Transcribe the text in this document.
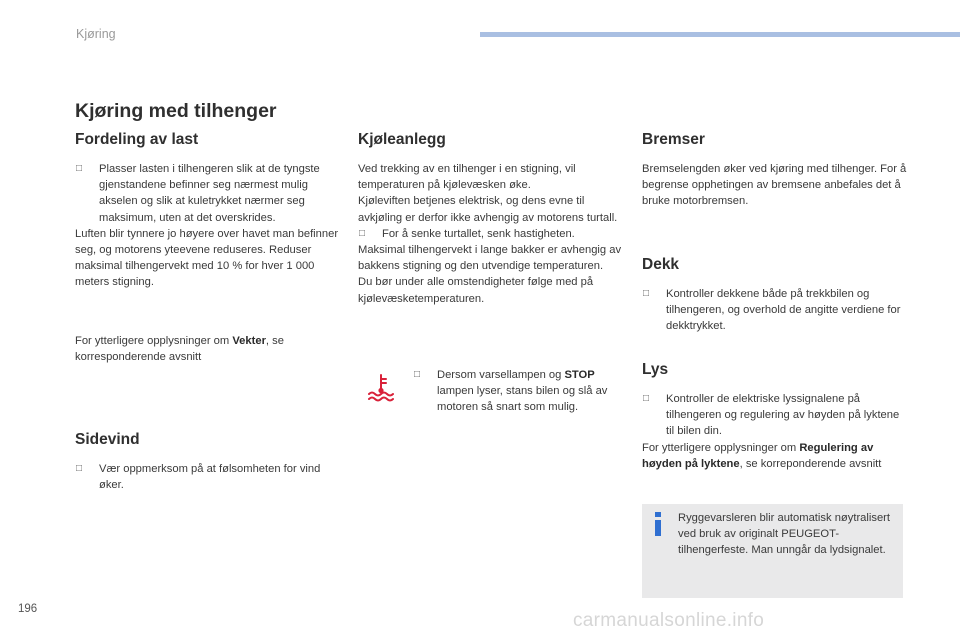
Kjøring
Kjøring med tilhenger
Fordeling av last
□ Plasser lasten i tilhengeren slik at de tyngste gjenstandene befinner seg nærmest mulig akselen og slik at kuletrykket nærmer seg maksimum, uten at det overskrides.

Luften blir tynnere jo høyere over havet man befinner seg, og motorens yteevene reduseres. Reduser maksimal tilhengervekt med 10 % for hver 1 000 meters stigning.

For ytterligere opplysninger om Vekter, se korresponderende avsnitt

Sidevind
□ Vær oppmerksom på at følsomheten for vind øker.
Kjøleanlegg

Ved trekking av en tilhenger i en stigning, vil temperaturen på kjølevæsken øke.

Kjøleviften betjenes elektrisk, og dens evne til avkjøling er derfor ikke avhengig av motorens turtall.

□ For å senke turtallet, senk hastigheten.

Maksimal tilhengervekt i lange bakker er avhengig av bakkens stigning og den utvendige temperaturen.

Du bør under alle omstendigheter følge med på kjølevæsketemperaturen.

□ Dersom varsellampen og STOP lampen lyser, stans bilen og slå av motoren så snart som mulig.
Bremser

Bremselengden øker ved kjøring med tilhenger. For å begrense opphetingen av bremsene anbefales det å bruke motorbremsen.

Dekk
□ Kontroller dekkene både på trekkbilen og tilhengeren, og overhold de angitte verdiene for dekktrykket.
Lys
□ Kontroller de elektriske lyssignalene på tilhengeren og regulering av høyden på lyktene til bilen din.

For ytterligere opplysninger om Regulering av høyden på lyktene, se korreponderende avsnitt

Ryggevarsleren blir automatisk nøytralisert ved bruk av originalt PEUGEOT-tilhengerfeste. Man unngår da lydsignalet.

196
carmanualsonline.info
